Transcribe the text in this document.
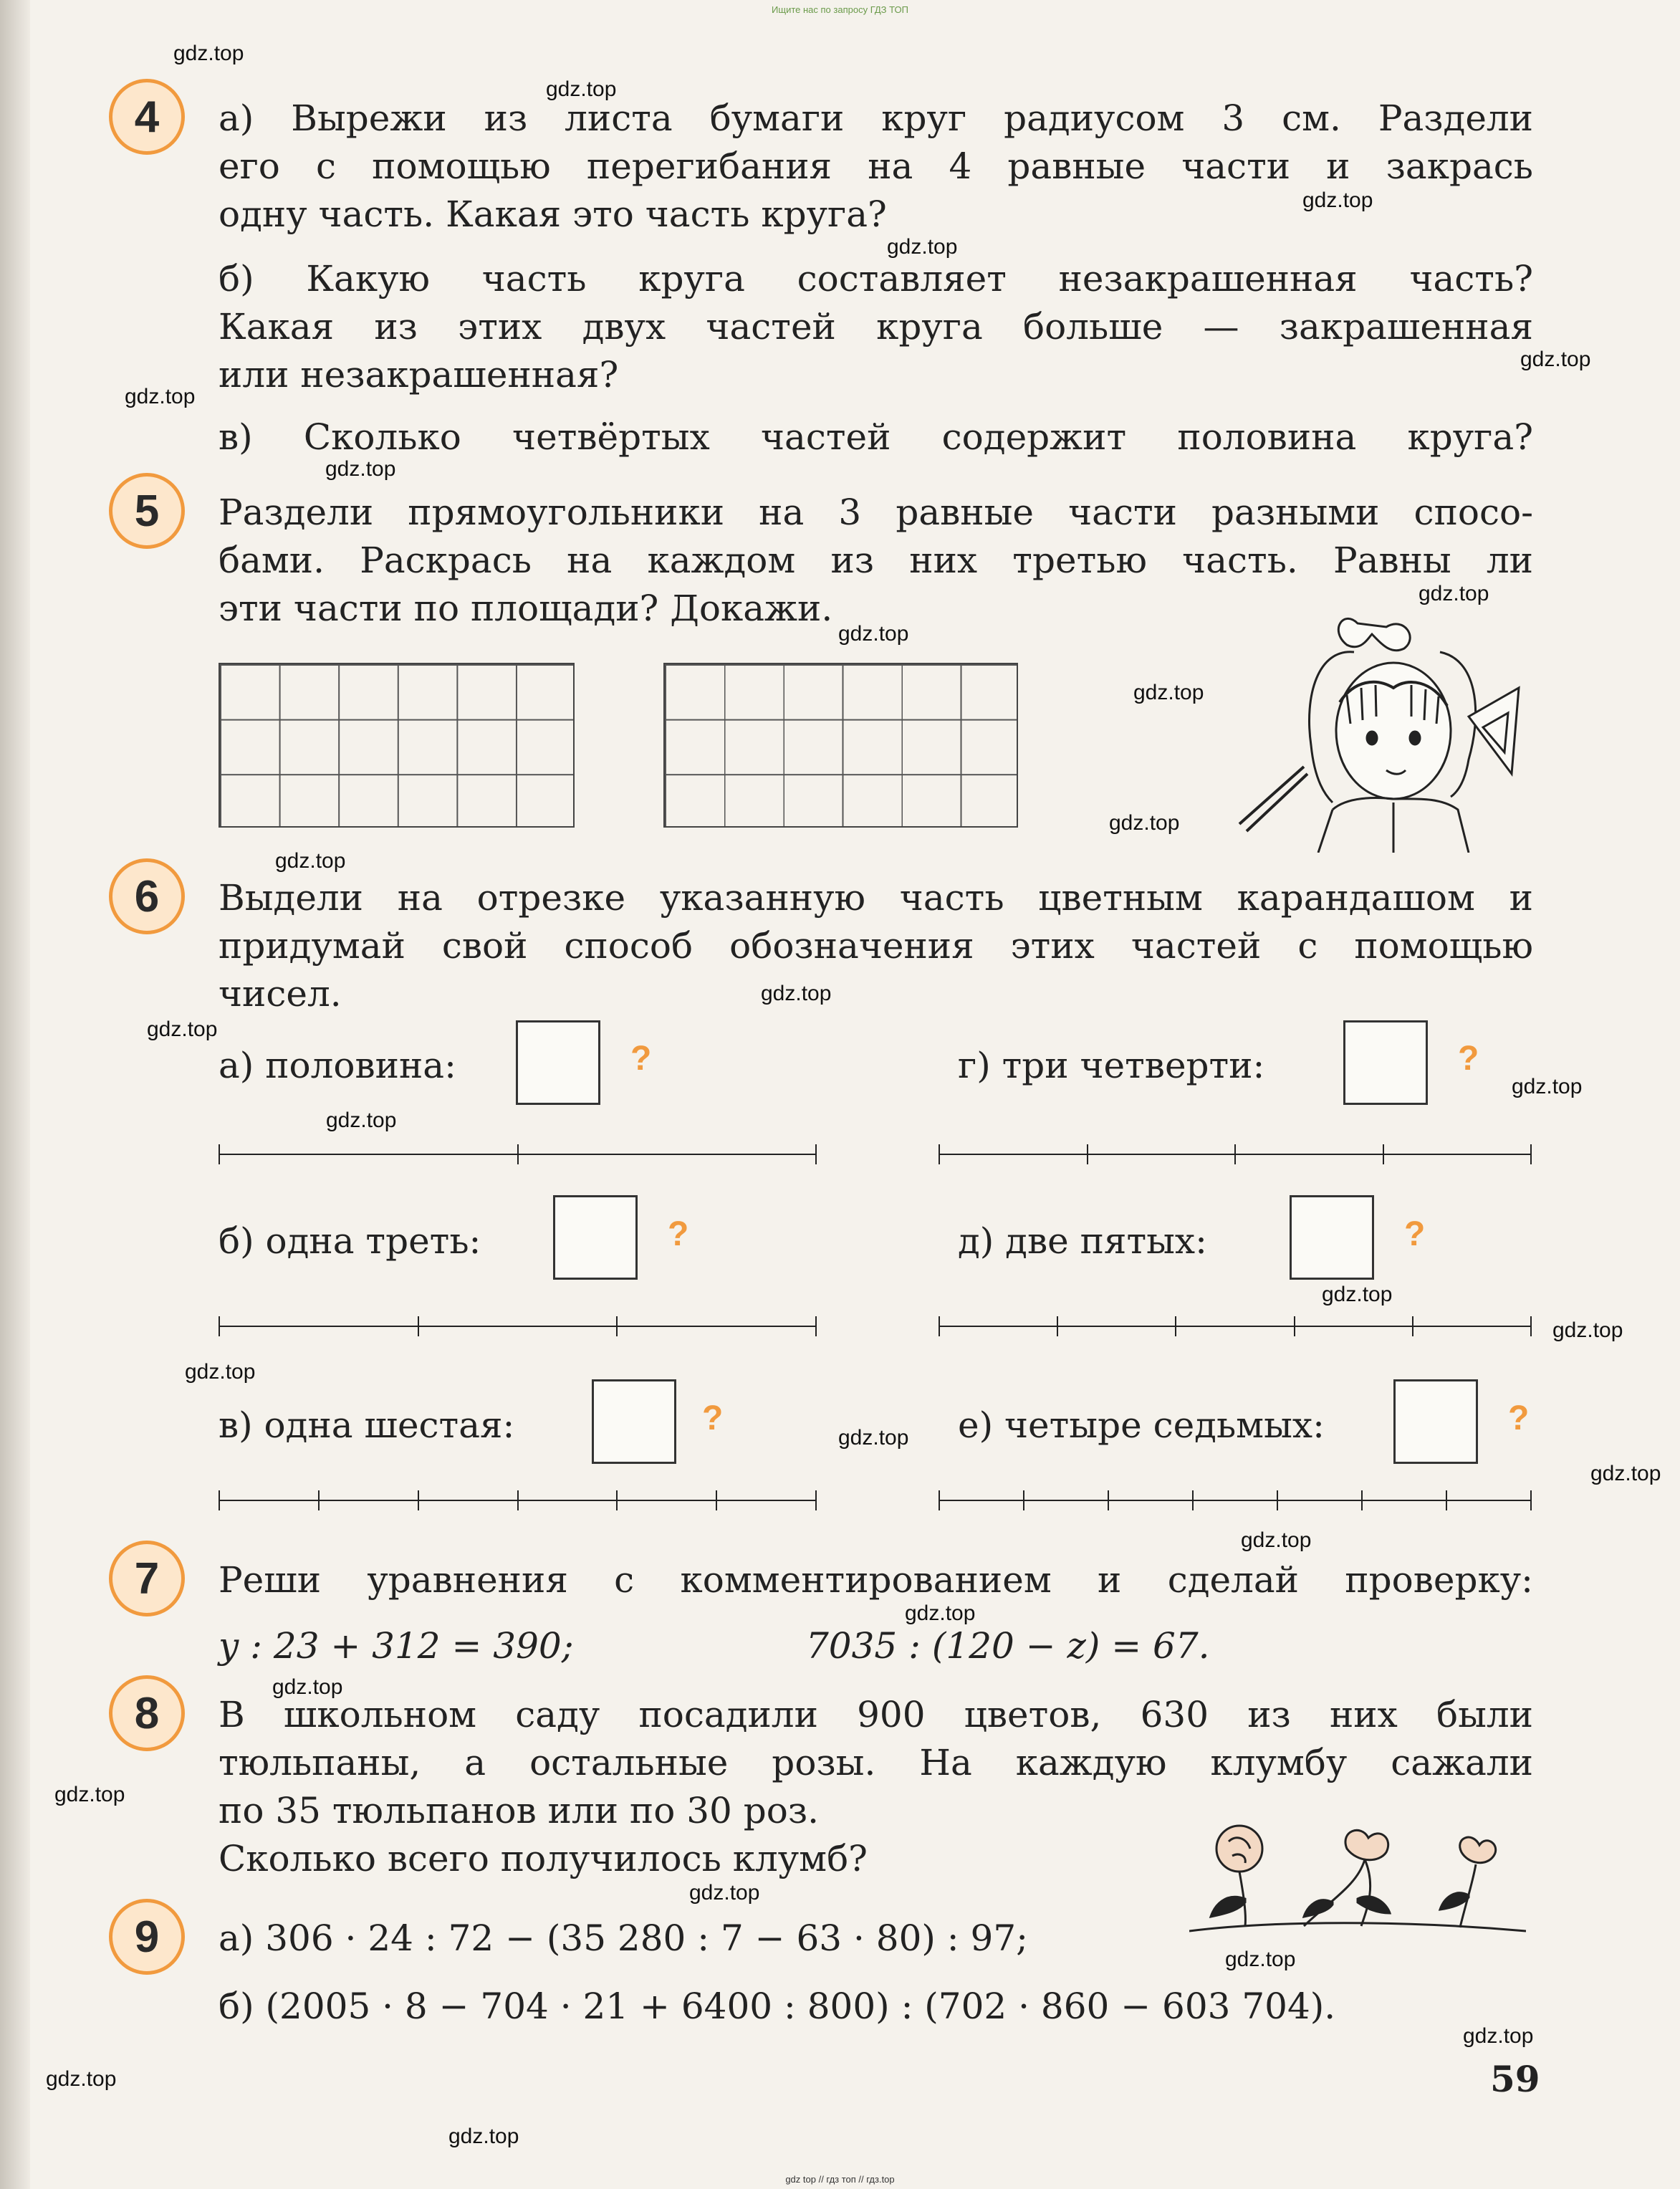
Ищите нас по запросу ГДЗ ТОП
4	а) Вырежи из листа бумаги круг радиусом 3 см. Раздели
его с помощью перегибания на 4 равные части и закрась
одну часть. Какая это часть круга?
б) Какую часть круга составляет незакрашенная часть?
Какая из этих двух частей круга больше — закрашенная
или незакрашенная?
в) Сколько четвёртых частей содержит половина круга?
5	Раздели прямоугольники на 3 равные части разными спосо-
бами. Раскрась на каждом из них третью часть. Равны ли
эти части по площади? Докажи.
6	Выдели на отрезке указанную часть цветным карандашом и
придумай свой способ обозначения этих частей с помощью
чисел.
а) половина:	?	г) три четверти:	?
б) одна треть:	?	д) две пятых:	?
в) одна шестая:	?	е) четыре седьмых:	?
7	Реши уравнения с комментированием и сделай проверку:
y : 23 + 312 = 390;	7035 : (120 − z) = 67.
8	В школьном саду посадили 900 цветов, 630 из них были
тюльпаны, а остальные розы. На каждую клумбу сажали
по 35 тюльпанов или по 30 роз.
Сколько всего получилось клумб?
9	а) 306 · 24 : 72 − (35 280 : 7 − 63 · 80) : 97;
б) (2005 · 8 − 704 · 21 + 6400 : 800) : (702 · 860 − 603 704).
59
gdz.top
gdz.top
gdz.top
gdz.top
gdz.top
gdz.top
gdz.top
gdz.top
gdz.top
gdz.top
gdz.top
gdz.top
gdz.top
gdz.top
gdz.top
gdz.top
gdz.top
gdz.top
gdz.top
gdz.top
gdz.top
gdz.top
gdz.top
gdz.top
gdz.top
gdz.top
gdz.top
gdz.top
gdz.top
gdz.top
gdz top // гдз топ // гдз.top
